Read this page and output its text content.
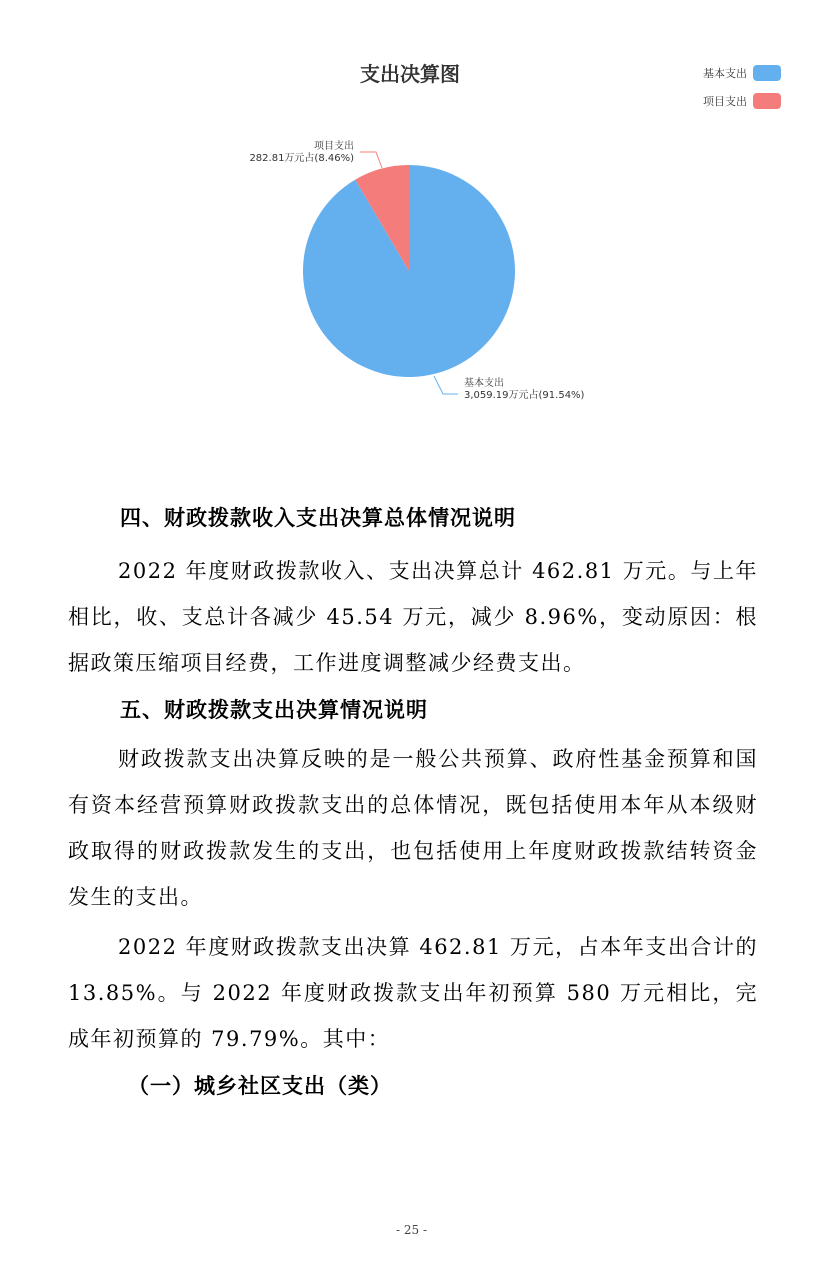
支出决算图	基本支出
项目支出
基本支出
3,059.19万元占(91.54%)
项目支出
282.81万元占(8.46%)

四、财政拨款收入支出决算总体情况说明

2022 年度财政拨款收入、支出决算总计 462.81 万元。与上年相比，收、支总计各减少 45.54 万元，减少 8.96%，变动原因：根据政策压缩项目经费，工作进度调整减少经费支出。

五、财政拨款支出决算情况说明

财政拨款支出决算反映的是一般公共预算、政府性基金预算和国有资本经营预算财政拨款支出的总体情况，既包括使用本年从本级财政取得的财政拨款发生的支出，也包括使用上年度财政拨款结转资金发生的支出。

2022 年度财政拨款支出决算 462.81 万元，占本年支出合计的 13.85%。与 2022 年度财政拨款支出年初预算 580 万元相比，完成年初预算的 79.79%。其中：

（一）城乡社区支出（类）

- 25 -
